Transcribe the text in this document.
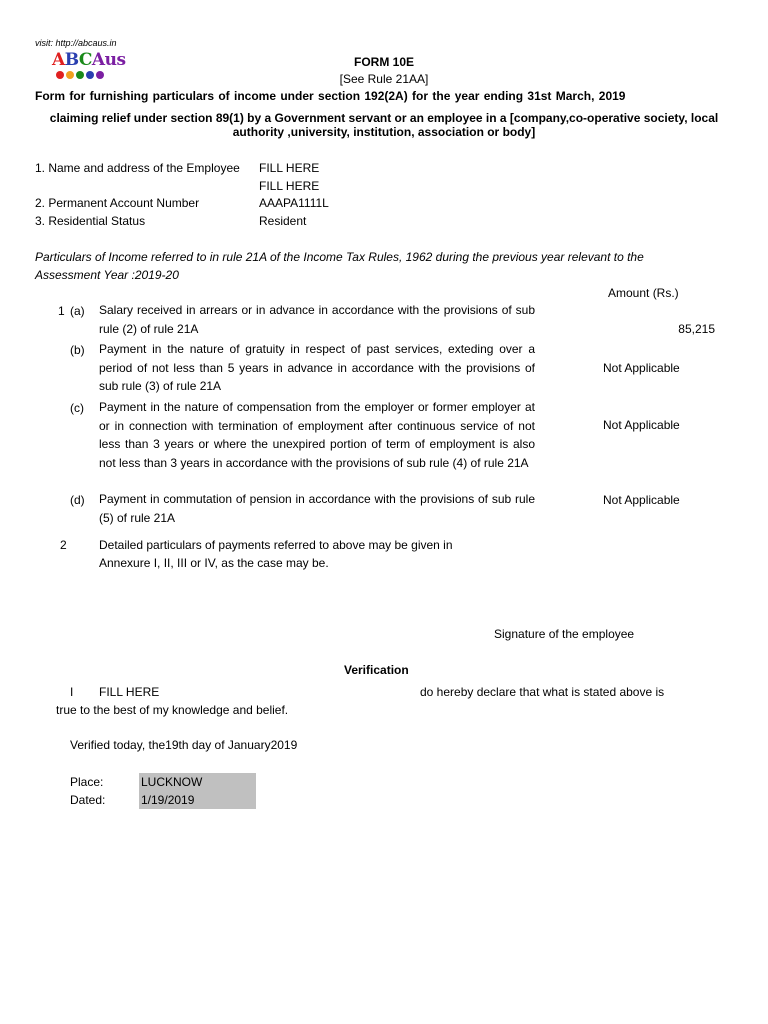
visit: http://abcaus.in
ABCAus	FORM 10E
[See Rule 21AA]
Form for furnishing particulars of income under section 192(2A) for the year ending 31st March, 2019
claiming relief under section 89(1) by a Government servant or an employee in a [company,co-operative society, local
authority ,university, institution, association or body]
1. Name and address of the Employee FILL HERE
FILL HERE
2. Permanent Account Number	AAAPA1111L
3. Residential Status	Resident
Particulars of Income referred to in rule 21A of the Income Tax Rules, 1962 during the previous year relevant to the
Assessment Year :2019-20
Amount (Rs.)
1 (a) Salary received in arrears or in advance in accordance with the provisions of sub rule (2) of rule 21A	85,215
(b) Payment in the nature of gratuity in respect of past services, exteding over a period of not less than 5 years in advance in accordance with the provisions of sub rule (3) of rule 21A
Not Applicable
(c) Payment in the nature of compensation from the employer or former employer at or in connection with termination of employment after continuous service of not less than 3 years or where the unexpired portion of term of employment is also not less than 3 years in accordance with the provisions of sub rule (4) of rule 21A
Not Applicable
(d) Payment in commutation of pension in accordance with the provisions of sub rule (5) of rule 21A
Not Applicable
2	Detailed particulars of payments referred to above may be given in
Annexure I, II, III or IV, as the case may be.
Signature of the employee
Verification
I FILL HERE	do hereby declare that what is stated above is
true to the best of my knowledge and belief.
Verified today, the19th day of January2019
Place:	LUCKNOW
Dated:	1/19/2019
